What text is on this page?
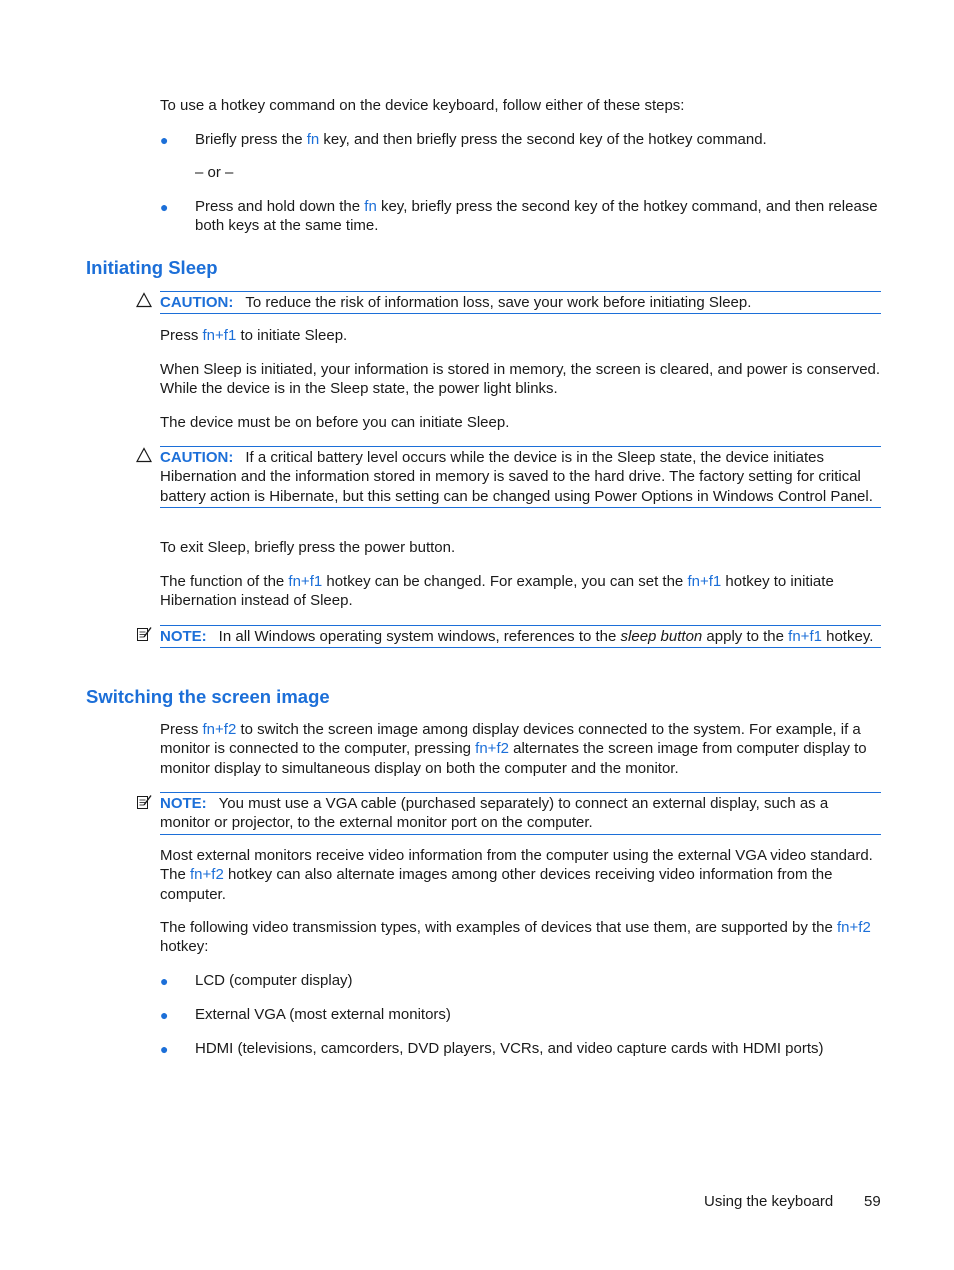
To use a hotkey command on the device keyboard, follow either of these steps:

● Briefly press the fn key, and then briefly press the second key of the hotkey command.

– or –

● Press and hold down the fn key, briefly press the second key of the hotkey command, and then release both keys at the same time.

Initiating Sleep
CAUTION: To reduce the risk of information loss, save your work before initiating Sleep.

Press fn+f1 to initiate Sleep.

When Sleep is initiated, your information is stored in memory, the screen is cleared, and power is conserved. While the device is in the Sleep state, the power light blinks.

The device must be on before you can initiate Sleep.

CAUTION: If a critical battery level occurs while the device is in the Sleep state, the device initiates Hibernation and the information stored in memory is saved to the hard drive. The factory setting for critical battery action is Hibernate, but this setting can be changed using Power Options in Windows Control Panel.

To exit Sleep, briefly press the power button.

The function of the fn+f1 hotkey can be changed. For example, you can set the fn+f1 hotkey to initiate Hibernation instead of Sleep.

NOTE: In all Windows operating system windows, references to the sleep button apply to the fn+f1 hotkey.
Switching the screen image

Press fn+f2 to switch the screen image among display devices connected to the system. For example, if a monitor is connected to the computer, pressing fn+f2 alternates the screen image from computer display to monitor display to simultaneous display on both the computer and the monitor.

NOTE: You must use a VGA cable (purchased separately) to connect an external display, such as a monitor or projector, to the external monitor port on the computer.

Most external monitors receive video information from the computer using the external VGA video standard. The fn+f2 hotkey can also alternate images among other devices receiving video information from the computer.

The following video transmission types, with examples of devices that use them, are supported by the fn+f2 hotkey:

● LCD (computer display)

● External VGA (most external monitors)

● HDMI (televisions, camcorders, DVD players, VCRs, and video capture cards with HDMI ports)

Using the keyboard 59
